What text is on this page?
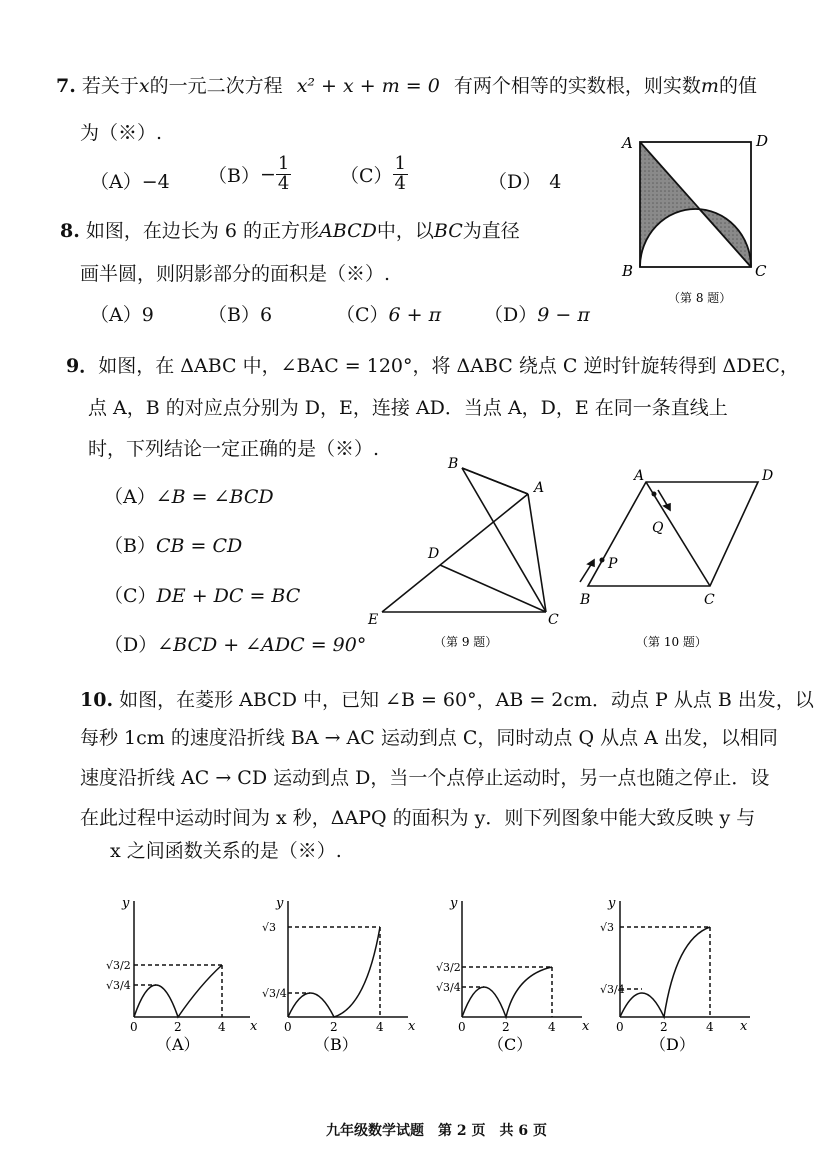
7. 若关于x的一元二次方程 x² + x + m = 0 有两个相等的实数根，则实数m的值
为（※）.
（A）−4 $(B)- \frac{1}{4}$	$(C) \frac{1}{4}$	（D） 4
8. 如图，在边长为 6 的正方形ABCD中，以BC为直径
画半圆，则阴影部分的面积是（※）.
（A）9	（B）6	（C）6 + π （D）9 − π
A	D
B	C
（第 8 题）
9．如图，在 ΔABC 中，∠BAC = 120°，将 ΔABC 绕点 C 逆时针旋转得到 ΔDEC，
点 A，B 的对应点分别为 D，E，连接 AD．当点 A，D，E 在同一条直线上
时，下列结论一定正确的是（※）.
（A）∠B = ∠BCD
（B）CB = CD
（C）DE + DC = BC
（D）∠BCD + ∠ADC = 90°
B
A
D
E	C
（第 9 题）
A	D
Q
P
B	C
（第 10 题）
10. 如图，在菱形 ABCD 中，已知 ∠B = 60°，AB = 2cm．动点 P 从点 B 出发，以
每秒 1cm 的速度沿折线 BA → AC 运动到点 C，同时动点 Q 从点 A 出发，以相同
速度沿折线 AC → CD 运动到点 D，当一个点停止运动时，另一点也随之停止．设
在此过程中运动时间为 x 秒，ΔAPQ 的面积为 y．则下列图象中能大致反映 y 与
x 之间函数关系的是（※）.
y
x
0	2	4
√3/2
√3/4
（A）
y
x
0	2	4
√3
√3/4
（B）
y
x
0	2	4
√3/2
√3/4
（C）
y
x
0	2	4
√3
√3/4
（D）
九年级数学试题　第 2 页　共 6 页
